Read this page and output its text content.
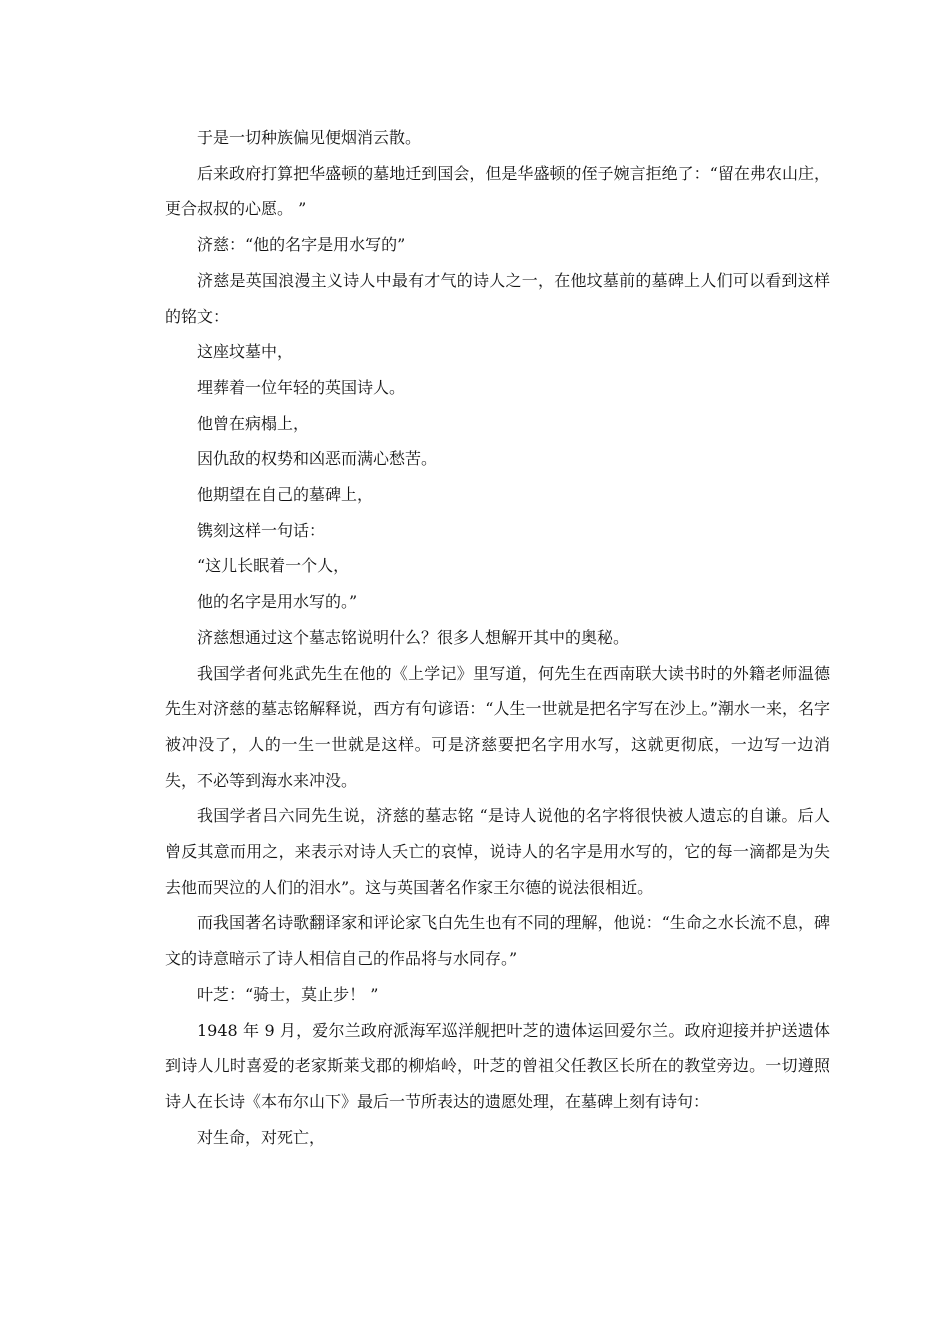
于是一切种族偏见便烟消云散。

后来政府打算把华盛顿的墓地迁到国会，但是华盛顿的侄子婉言拒绝了：“留在弗农山庄，更合叔叔的心愿。 ”

济慈：“他的名字是用水写的”

济慈是英国浪漫主义诗人中最有才气的诗人之一，在他坟墓前的墓碑上人们可以看到这样的铭文：

这座坟墓中，

埋葬着一位年轻的英国诗人。

他曾在病榻上，

因仇敌的权势和凶恶而满心愁苦。

他期望在自己的墓碑上，

镌刻这样一句话：

“这儿长眠着一个人，

他的名字是用水写的。”

济慈想通过这个墓志铭说明什么？很多人想解开其中的奥秘。

我国学者何兆武先生在他的《上学记》里写道，何先生在西南联大读书时的外籍老师温德先生对济慈的墓志铭解释说，西方有句谚语：“人生一世就是把名字写在沙上。”潮水一来，名字被冲没了，人的一生一世就是这样。可是济慈要把名字用水写，这就更彻底，一边写一边消失，不必等到海水来冲没。

我国学者吕六同先生说，济慈的墓志铭 “是诗人说他的名字将很快被人遗忘的自谦。后人曾反其意而用之，来表示对诗人夭亡的哀悼，说诗人的名字是用水写的，它的每一滴都是为失去他而哭泣的人们的泪水”。这与英国著名作家王尔德的说法很相近。

而我国著名诗歌翻译家和评论家飞白先生也有不同的理解，他说：“生命之水长流不息，碑文的诗意暗示了诗人相信自己的作品将与水同存。”

叶芝：“骑士，莫止步！ ”

1948 年 9 月，爱尔兰政府派海军巡洋舰把叶芝的遗体运回爱尔兰。政府迎接并护送遗体到诗人儿时喜爱的老家斯莱戈郡的柳焰岭，叶芝的曾祖父任教区长所在的教堂旁边。一切遵照诗人在长诗《本布尔山下》最后一节所表达的遗愿处理，在墓碑上刻有诗句：

对生命，对死亡，
